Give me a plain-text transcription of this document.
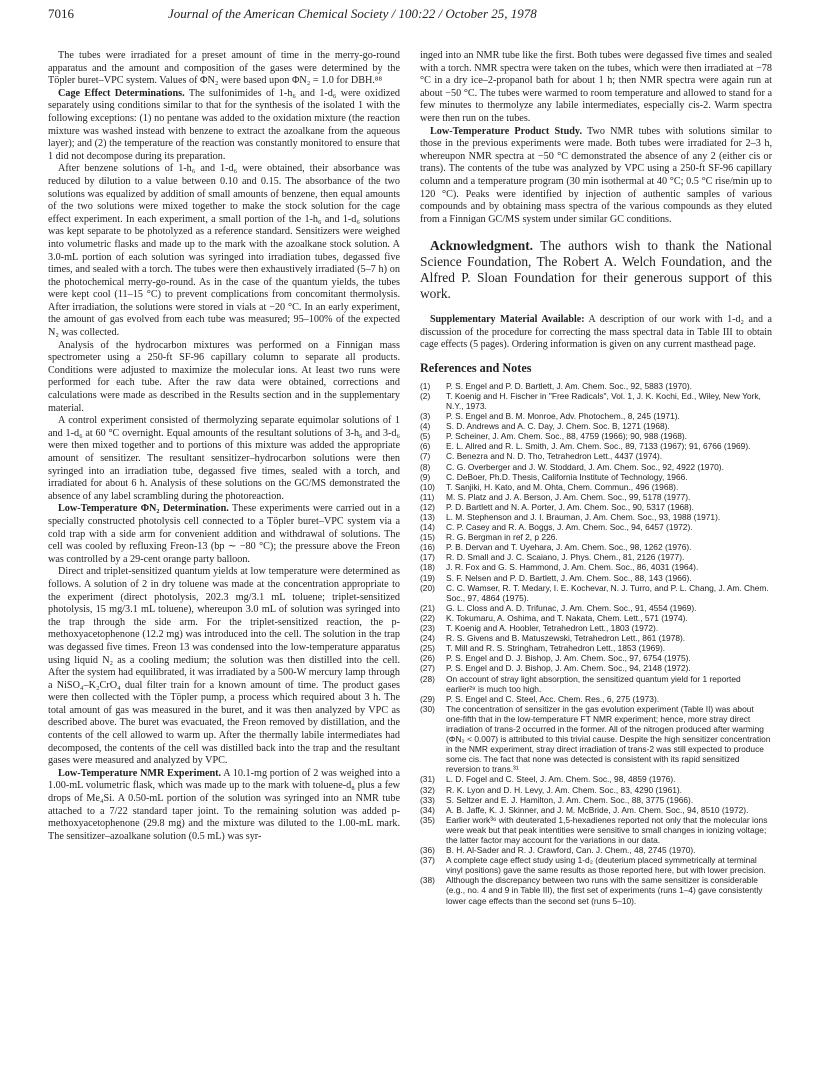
7016	Journal of the American Chemical Society / 100:22 / October 25, 1978

The tubes were irradiated for a preset amount of time in the merry-go-round apparatus and the amount and composition of the gases were determined by the Töpler buret–VPC system. Values of ΦN₂ were based upon ΦN₂ = 1.0 for DBH.⁸⁸

Cage Effect Determinations. The sulfonimides of 1-h₆ and 1-d₆ were oxidized separately using conditions similar to that for the synthesis of the isolated 1 with the following exceptions: (1) no pentane was added to the oxidation mixture (the reaction mixture was washed instead with benzene to extract the azoalkane from the aqueous layer); and (2) the temperature of the reaction was constantly monitored to ensure that 1 did not decompose during its preparation.

After benzene solutions of 1-h₆ and 1-d₆ were obtained, their absorbance was reduced by dilution to a value between 0.10 and 0.15. The absorbance of the two solutions was equalized by addition of small amounts of benzene, then equal amounts of the two solutions were mixed together to make the stock solution for the cage effect experiment. In each experiment, a small portion of the 1-h₆ and 1-d₆ solutions was kept separate to be photolyzed as a reference standard. Sensitizers were weighed into volumetric flasks and made up to the mark with the azoalkane stock solution. A 3.0-mL portion of each solution was syringed into irradiation tubes, degassed five times, and sealed with a torch. The tubes were then exhaustively irradiated (5–7 h) on the photochemical merry-go-round. As in the case of the quantum yields, the tubes were kept cool (11–15 °C) to prevent complications from concomitant thermolysis. After irradiation, the solutions were stored in vials at −20 °C. In an early experiment, the amount of gas evolved from each tube was measured; 95–100% of the expected N₂ was collected.

Analysis of the hydrocarbon mixtures was performed on a Finnigan mass spectrometer using a 250-ft SF-96 capillary column to separate all products. Conditions were adjusted to maximize the molecular ions. At least two runs were performed for each tube. After the raw data were obtained, corrections and calculations were made as described in the Results section and in the supplementary material.

A control experiment consisted of thermolyzing separate equimolar solutions of 1 and 1-d₆ at 60 °C overnight. Equal amounts of the resultant solutions of 3-h₆ and 3-d₆ were then mixed together and to portions of this mixture was added the appropriate amount of sensitizer. The resultant sensitizer–hydrocarbon solutions were then syringed into an irradiation tube, degassed five times, sealed with a torch, and irradiated for about 6 h. Analysis of these solutions on the GC/MS demonstrated the absence of any label scrambling during the photoreaction.

Low-Temperature ΦN₂ Determination. These experiments were carried out in a specially constructed photolysis cell connected to a Töpler buret–VPC system via a cold trap with a side arm for convenient addition and withdrawal of solutions. The cell was cooled by refluxing Freon-13 (bp ∼ −80 °C); the pressure above the Freon was controlled by a 29-cent orange party balloon.

Direct and triplet-sensitized quantum yields at low temperature were determined as follows. A solution of 2 in dry toluene was made at the concentration appropriate to the experiment (direct photolysis, 202.3 mg/3.1 mL toluene; triplet-sensitized photolysis, 15 mg/3.1 mL toluene), whereupon 3.0 mL of solution was syringed into the trap through the side arm. For the triplet-sensitized reaction, the p-methoxyacetophenone (12.2 mg) was introduced into the cell. The solution in the trap was degassed five times. Freon 13 was condensed into the low-temperature apparatus using liquid N₂ as a cooling medium; the solution was then distilled into the cell. After the system had equilibrated, it was irradiated by a 500-W mercury lamp through a NiSO₄–K₂CrO₄ dual filter train for a known amount of time. The product gases were then collected with the Töpler pump, a process which required about 3 h. The total amount of gas was measured in the buret, and it was then analyzed by VPC as described above. The buret was evacuated, the Freon removed by distillation, and the contents of the cell allowed to warm up. After the thermally labile intermediates had decomposed, the contents of the cell was distilled back into the trap and the resultant gases were measured and analyzed by VPC.

Low-Temperature NMR Experiment. A 10.1-mg portion of 2 was weighed into a 1.00-mL volumetric flask, which was made up to the mark with toluene-d₈ plus a few drops of Me₄Si. A 0.50-mL portion of the solution was syringed into an NMR tube attached to a 7/22 standard taper joint. To the remaining solution was added p-methoxyacetophenone (29.8 mg) and the mixture was diluted to the 1.00-mL mark. The sensitizer–azoalkane solution (0.5 mL) was syr-

inged into an NMR tube like the first. Both tubes were degassed five times and sealed with a torch. NMR spectra were taken on the tubes, which were then irradiated at −78 °C in a dry ice–2-propanol bath for about 1 h; then NMR spectra were again run at about −50 °C. The tubes were warmed to room temperature and allowed to stand for a few minutes to thermolyze any labile intermediates, especially cis-2. Warm spectra were then run on the tubes.

Low-Temperature Product Study. Two NMR tubes with solutions similar to those in the previous experiments were made. Both tubes were irradiated for 2–3 h, whereupon NMR spectra at −50 °C demonstrated the absence of any 2 (either cis or trans). The contents of the tube was analyzed by VPC using a 250-ft SF-96 capillary column and a temperature program (30 min isothermal at 40 °C; 0.5 °C rise/min up to 120 °C). Peaks were identified by injection of authentic samples of various compounds and by obtaining mass spectra of the various compounds as they eluted from a Finnigan GC/MS system under similar GC conditions.

Acknowledgment. The authors wish to thank the National Science Foundation, The Robert A. Welch Foundation, and the Alfred P. Sloan Foundation for their generous support of this work.

Supplementary Material Available: A description of our work with 1-d₂ and a discussion of the procedure for correcting the mass spectral data in Table III to obtain cage effects (5 pages). Ordering information is given on any current masthead page.

References and Notes
(1)	P. S. Engel and P. D. Bartlett, J. Am. Chem. Soc., 92, 5883 (1970).
(2)	T. Koenig and H. Fischer in "Free Radicals", Vol. 1, J. K. Kochi, Ed., Wiley, New York, N.Y., 1973.
(3)	P. S. Engel and B. M. Monroe, Adv. Photochem., 8, 245 (1971).
(4)	S. D. Andrews and A. C. Day, J. Chem. Soc. B, 1271 (1968).
(5)	P. Scheiner, J. Am. Chem. Soc., 88, 4759 (1966); 90, 988 (1968).
(6)	E. L. Allred and R. L. Smith, J. Am. Chem. Soc., 89, 7133 (1967); 91, 6766 (1969).
(7)	C. Benezra and N. D. Tho, Tetrahedron Lett., 4437 (1974).
(8)	C. G. Overberger and J. W. Stoddard, J. Am. Chem. Soc., 92, 4922 (1970).
(9)	C. DeBoer, Ph.D. Thesis, California Institute of Technology, 1966.
(10)	T. Sanjiki, H. Kato, and M. Ohta, Chem. Commun., 496 (1968).
(11)	M. S. Platz and J. A. Berson, J. Am. Chem. Soc., 99, 5178 (1977).
(12)	P. D. Bartlett and N. A. Porter, J. Am. Chem. Soc., 90, 5317 (1968).
(13)	L. M. Stephenson and J. I. Brauman, J. Am. Chem. Soc., 93, 1988 (1971).
(14)	C. P. Casey and R. A. Boggs, J. Am. Chem. Soc., 94, 6457 (1972).
(15)	R. G. Bergman in ref 2, p 226.
(16)	P. B. Dervan and T. Uyehara, J. Am. Chem. Soc., 98, 1262 (1976).
(17)	R. D. Small and J. C. Scaiano, J. Phys. Chem., 81, 2126 (1977).
(18)	J. R. Fox and G. S. Hammond, J. Am. Chem. Soc., 86, 4031 (1964).
(19)	S. F. Nelsen and P. D. Bartlett, J. Am. Chem. Soc., 88, 143 (1966).
(20)	C. C. Wamser, R. T. Medary, I. E. Kochevar, N. J. Turro, and P. L. Chang, J. Am. Chem. Soc., 97, 4864 (1975).
(21)	G. L. Closs and A. D. Trifunac, J. Am. Chem. Soc., 91, 4554 (1969).
(22)	K. Tokumaru, A. Oshima, and T. Nakata, Chem. Lett., 571 (1974).
(23)	T. Koenig and A. Hoobler, Tetrahedron Lett., 1803 (1972).
(24)	R. S. Givens and B. Matuszewski, Tetrahedron Lett., 861 (1978).
(25)	T. Mill and R. S. Stringham, Tetrahedron Lett., 1853 (1969).
(26)	P. S. Engel and D. J. Bishop, J. Am. Chem. Soc., 97, 6754 (1975).
(27)	P. S. Engel and D. J. Bishop, J. Am. Chem. Soc., 94, 2148 (1972).
(28)	On account of stray light absorption, the sensitized quantum yield for 1 reported earlier²⁹ is much too high.
(29)	P. S. Engel and C. Steel, Acc. Chem. Res., 6, 275 (1973).
(30)	The concentration of sensitizer in the gas evolution experiment (Table II) was about one-fifth that in the low-temperature FT NMR experiment; hence, more stray direct irradiation of trans-2 occurred in the former. All of the nitrogen produced after warming (ΦN₂ < 0.007) is attributed to this trivial cause. Despite the high sensitizer concentration in the NMR experiment, stray direct irradiation of trans-2 was still expected to produce some cis. The fact that none was detected is consistent with its rapid sensitized reversion to trans.³¹
(31)	L. D. Fogel and C. Steel, J. Am. Chem. Soc., 98, 4859 (1976).
(32)	R. K. Lyon and D. H. Levy, J. Am. Chem. Soc., 83, 4290 (1961).
(33)	S. Seltzer and E. J. Hamilton, J. Am. Chem. Soc., 88, 3775 (1966).
(34)	A. B. Jaffe, K. J. Skinner, and J. M. McBride, J. Am. Chem. Soc., 94, 8510 (1972).
(35)	Earlier work³⁶ with deuterated 1,5-hexadienes reported not only that the molecular ions were weak but that peak intentities were sensitive to small changes in ionizing voltage; the latter factor may account for the variations in our data.
(36)	B. H. Al-Sader and R. J. Crawford, Can. J. Chem., 48, 2745 (1970).
(37)	A complete cage effect study using 1-d₂ (deuterium placed symmetrically at terminal vinyl positions) gave the same results as those reported here, but with lower precision.
(38)	Although the discrepancy between two runs with the same sensitizer is considerable (e.g., no. 4 and 9 in Table III), the first set of experiments (runs 1–4) gave consistently lower cage effects than the second set (runs 5–10).
